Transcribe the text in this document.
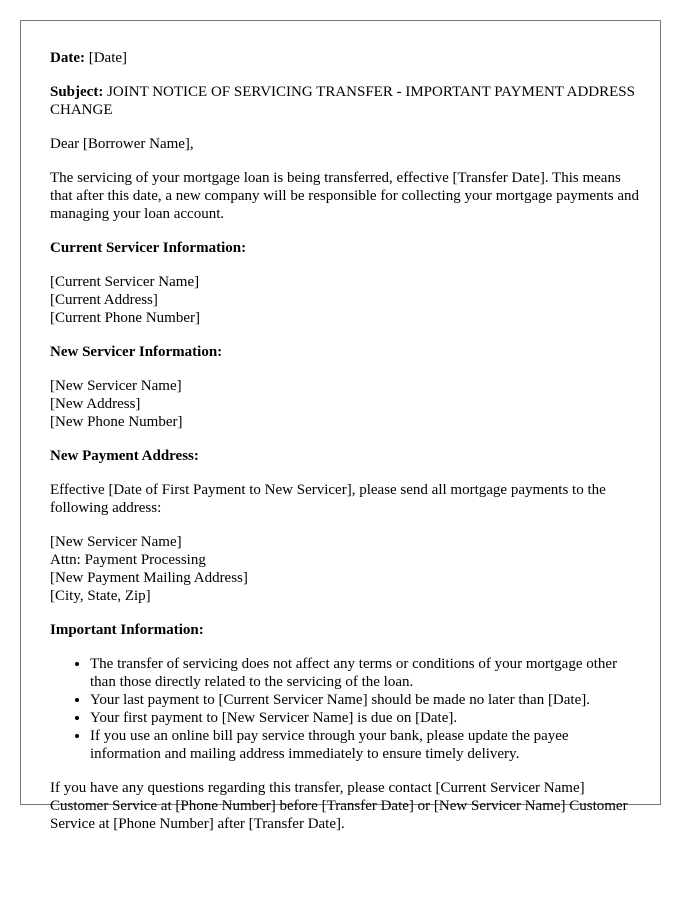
Date: [Date]

Subject: JOINT NOTICE OF SERVICING TRANSFER - IMPORTANT PAYMENT ADDRESS CHANGE

Dear [Borrower Name],

The servicing of your mortgage loan is being transferred, effective [Transfer Date]. This means that after this date, a new company will be responsible for collecting your mortgage payments and managing your loan account.

Current Servicer Information:

[Current Servicer Name]
[Current Address]
[Current Phone Number]

New Servicer Information:

[New Servicer Name]
[New Address]
[New Phone Number]

New Payment Address:

Effective [Date of First Payment to New Servicer], please send all mortgage payments to the following address:

[New Servicer Name]
Attn: Payment Processing
[New Payment Mailing Address]
[City, State, Zip]

Important Information:

• The transfer of servicing does not affect any terms or conditions of your mortgage other than those directly related to the servicing of the loan.
• Your last payment to [Current Servicer Name] should be made no later than [Date].
• Your first payment to [New Servicer Name] is due on [Date].
• If you use an online bill pay service through your bank, please update the payee information and mailing address immediately to ensure timely delivery.

If you have any questions regarding this transfer, please contact [Current Servicer Name] Customer Service at [Phone Number] before [Transfer Date] or [New Servicer Name] Customer Service at [Phone Number] after [Transfer Date].
